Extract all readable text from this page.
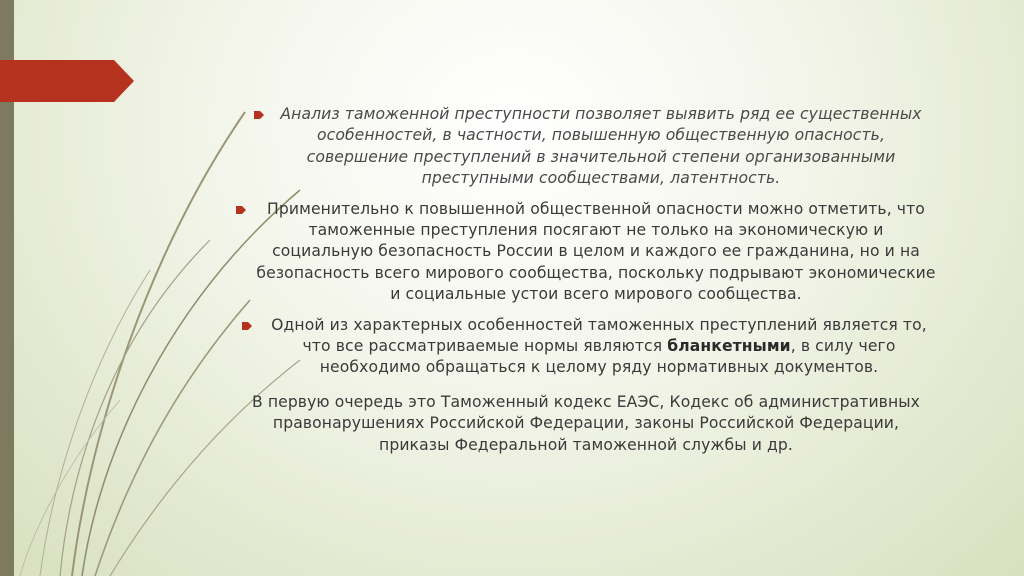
Анализ таможенной преступности позволяет выявить ряд ее существенных особенностей, в частности, повышенную общественную опасность, совершение преступлений в значительной степени организованными преступными сообществами, латентность.
Применительно к повышенной общественной опасности можно отметить, что таможенные преступления посягают не только на экономическую и социальную безопасность России в целом и каждого ее гражданина, но и на безопасность всего мирового сообщества, поскольку подрывают экономические и социальные устои всего мирового сообщества.
Одной из характерных особенностей таможенных преступлений является то, что все рассматриваемые нормы являются бланкетными, в силу чего необходимо обращаться к целому ряду нормативных документов.
В первую очередь это Таможенный кодекс ЕАЭС, Кодекс об административных правонарушениях Российской Федерации, законы Российской Федерации, приказы Федеральной таможенной службы и др.
